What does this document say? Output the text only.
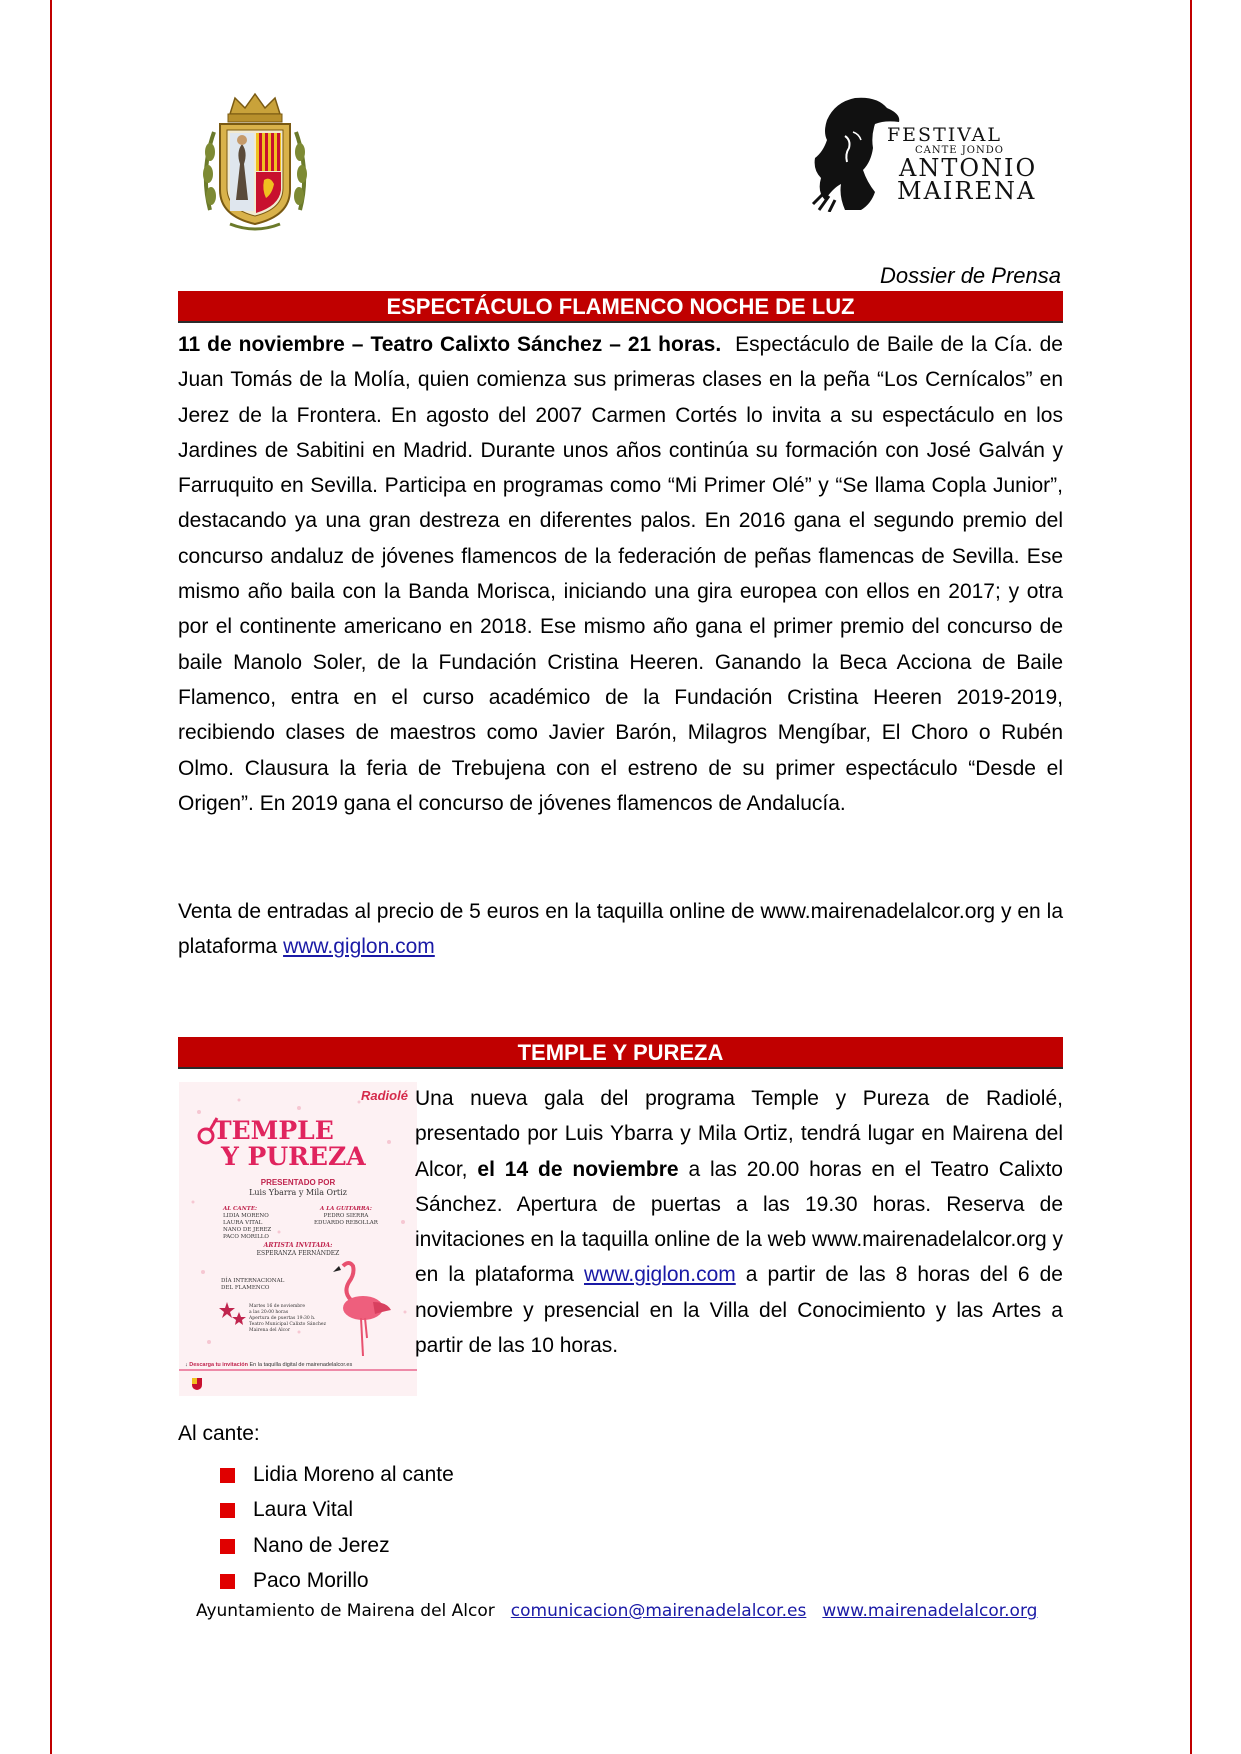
FESTIVAL
CANTE JONDO
ANTONIO
MAIRENA
Dossier de Prensa
ESPECTÁCULO FLAMENCO NOCHE DE LUZ

11 de noviembre – Teatro Calixto Sánchez – 21 horas. Espectáculo de Baile de la Cía. de Juan Tomás de la Molía, quien comienza sus primeras clases en la peña “Los Cernícalos” en Jerez de la Frontera. En agosto del 2007 Carmen Cortés lo invita a su espectáculo en los Jardines de Sabitini en Madrid. Durante unos años continúa su formación con José Galván y Farruquito en Sevilla. Participa en programas como “Mi Primer Olé” y “Se llama Copla Junior”, destacando ya una gran destreza en diferentes palos. En 2016 gana el segundo premio del concurso andaluz de jóvenes flamencos de la federación de peñas flamencas de Sevilla. Ese mismo año baila con la Banda Morisca, iniciando una gira europea con ellos en 2017; y otra por el continente americano en 2018. Ese mismo año gana el primer premio del concurso de baile Manolo Soler, de la Fundación Cristina Heeren. Ganando la Beca Acciona de Baile Flamenco, entra en el curso académico de la Fundación Cristina Heeren 2019-2019, recibiendo clases de maestros como Javier Barón, Milagros Mengíbar, El Choro o Rubén Olmo. Clausura la feria de Trebujena con el estreno de su primer espectáculo “Desde el Origen”. En 2019 gana el concurso de jóvenes flamencos de Andalucía.

Venta de entradas al precio de 5 euros en la taquilla online de www.mairenadelalcor.org y en la plataforma www.giglon.com

TEMPLE Y PUREZA
Radiolé
TEMPLE
Y PUREZA
PRESENTADO POR
Luis Ybarra y Mila Ortiz
AL CANTE:
LIDIA MORENO
LAURA VITAL
NANO DE JEREZ
PACO MORILLO
A LA GUITARRA:
PEDRO SIERRA
EDUARDO REBOLLAR
ARTISTA INVITADA:
ESPERANZA FERNÁNDEZ
DÍA INTERNACIONAL
DEL FLAMENCO
Martes 16 de noviembre
a las 20:00 horas
Apertura de puertas 19:30 h.
Teatro Municipal Calixto Sánchez
Mairena del Alcor
↓ Descarga tu invitación En la taquilla digital de mairenadelalcor.es

Una nueva gala del programa Temple y Pureza de Radiolé, presentado por Luis Ybarra y Mila Ortiz, tendrá lugar en Mairena del Alcor, el 14 de noviembre a las 20.00 horas en el Teatro Calixto Sánchez. Apertura de puertas a las 19.30 horas. Reserva de invitaciones en la taquilla online de la web www.mairenadelalcor.org y en la plataforma www.giglon.com a partir de las 8 horas del 6 de noviembre y presencial en la Villa del Conocimiento y las Artes a partir de las 10 horas.

Al cante:
Lidia Moreno al cante
Laura Vital
Nano de Jerez
Paco Morillo
Ayuntamiento de Mairena del Alcor comunicacion@mairenadelalcor.es www.mairenadelalcor.org
